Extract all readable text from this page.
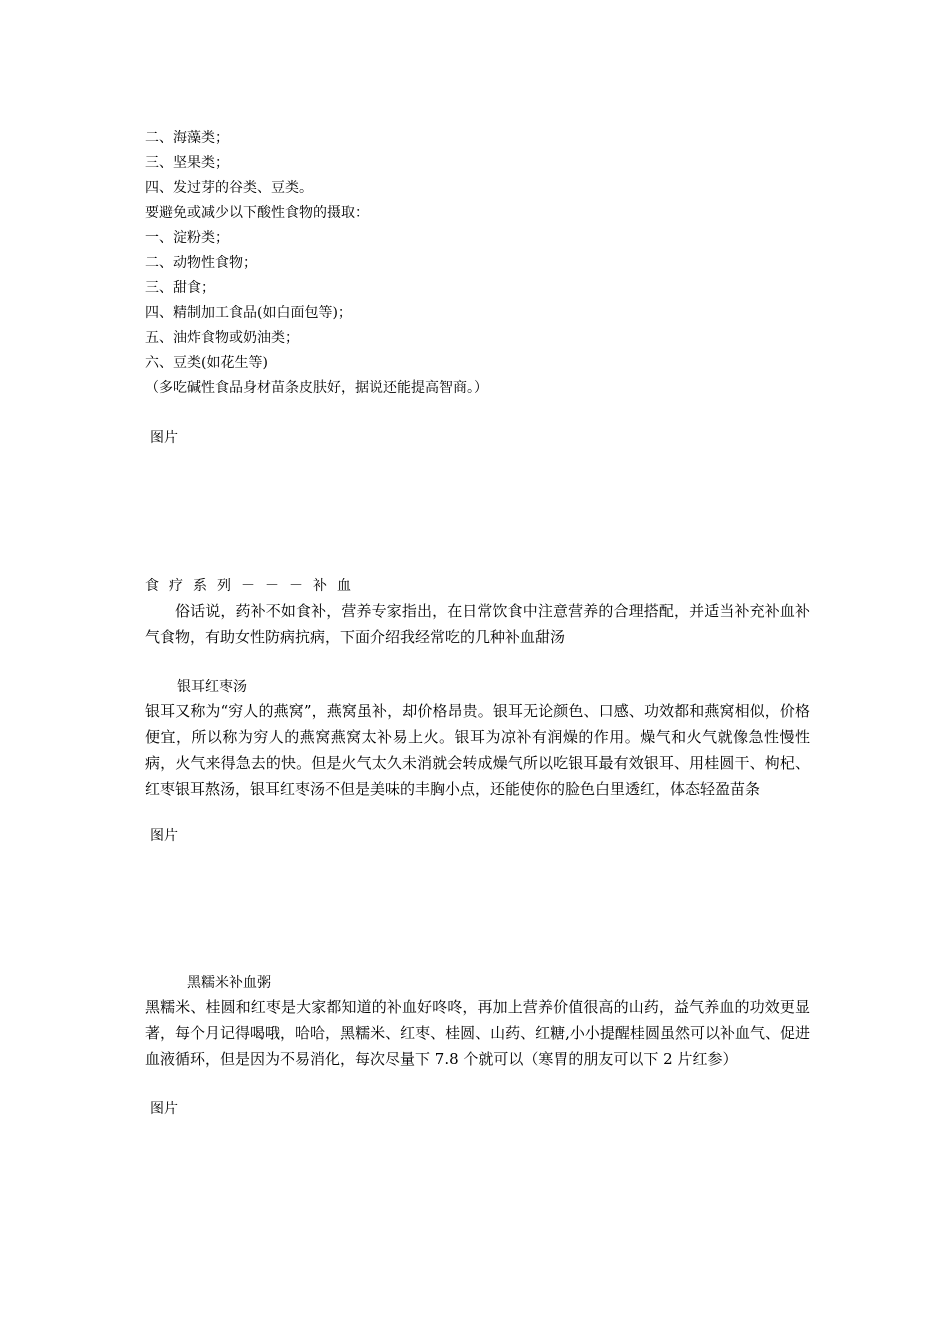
二、海藻类；
三、坚果类；
四、发过芽的谷类、豆类。
要避免或减少以下酸性食物的摄取：
一、淀粉类；
二、动物性食物；
三、甜食；
四、精制加工食品(如白面包等)；
五、油炸食物或奶油类；
六、豆类(如花生等)
（多吃碱性食品身材苗条皮肤好，据说还能提高智商。）
图片
食疗系列－－－补血
俗话说，药补不如食补，营养专家指出，在日常饮食中注意营养的合理搭配，并适当补充补血补气食物，有助女性防病抗病，下面介绍我经常吃的几种补血甜汤
银耳红枣汤
银耳又称为“穷人的燕窝”，燕窝虽补，却价格昂贵。银耳无论颜色、口感、功效都和燕窝相似，价格便宜，所以称为穷人的燕窝燕窝太补易上火。银耳为凉补有润燥的作用。燥气和火气就像急性慢性病，火气来得急去的快。但是火气太久未消就会转成燥气所以吃银耳最有效银耳、用桂圆干、枸杞、红枣银耳熬汤，银耳红枣汤不但是美味的丰胸小点，还能使你的脸色白里透红，体态轻盈苗条
图片
黑糯米补血粥
黑糯米、桂圆和红枣是大家都知道的补血好咚咚，再加上营养价值很高的山药，益气养血的功效更显著，每个月记得喝哦，哈哈，黑糯米、红枣、桂圆、山药、红糖,小小提醒桂圆虽然可以补血气、促进血液循环，但是因为不易消化，每次尽量下 7.8 个就可以（寒胃的朋友可以下 2 片红参）
图片
